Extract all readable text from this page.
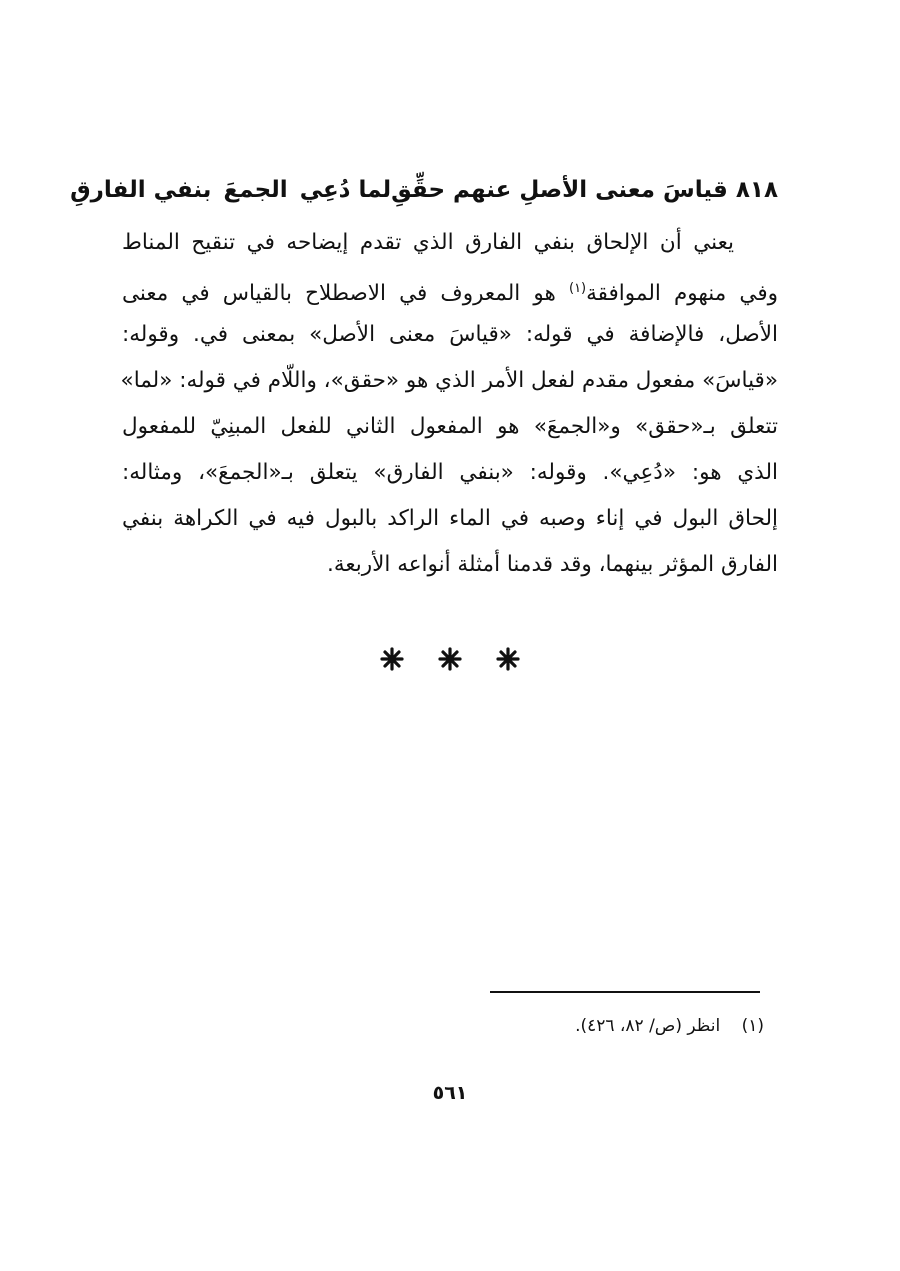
٨١٨ قياسَ معنى الأصلِ عنهم حقِّقِ
لما دُعِي
الجمعَ
بنفي الفارقِ
يعني أن الإلحاق بنفي الفارق الذي تقدم إيضاحه في تنقيح المناط
وفي منهوم الموافقة$^{(١)}$ هو المعروف في الاصطلاح بالقياس في معنى
الأصل، فالإضافة في قوله: «قياسَ معنى الأصل» بمعنى في. وقوله:
«قياسَ» مفعول مقدم لفعل الأمر الذي هو «حقق»، واللّام في قوله: «لما»
تتعلق بـ«حقق» و«الجمعَ» هو المفعول الثاني للفعل المبنِيّ للمفعول
الذي هو: «دُعِي». وقوله: «بنفي الفارق» يتعلق بـ«الجمعَ»، ومثاله:
إلحاق البول في إناء وصبه في الماء الراكد بالبول فيه في الكراهة بنفي
الفارق المؤثر بينهما، وقد قدمنا أمثلة أنواعه الأربعة.
(١) انظر (ص/ ٨٢، ٤٢٦).
٥٦١
